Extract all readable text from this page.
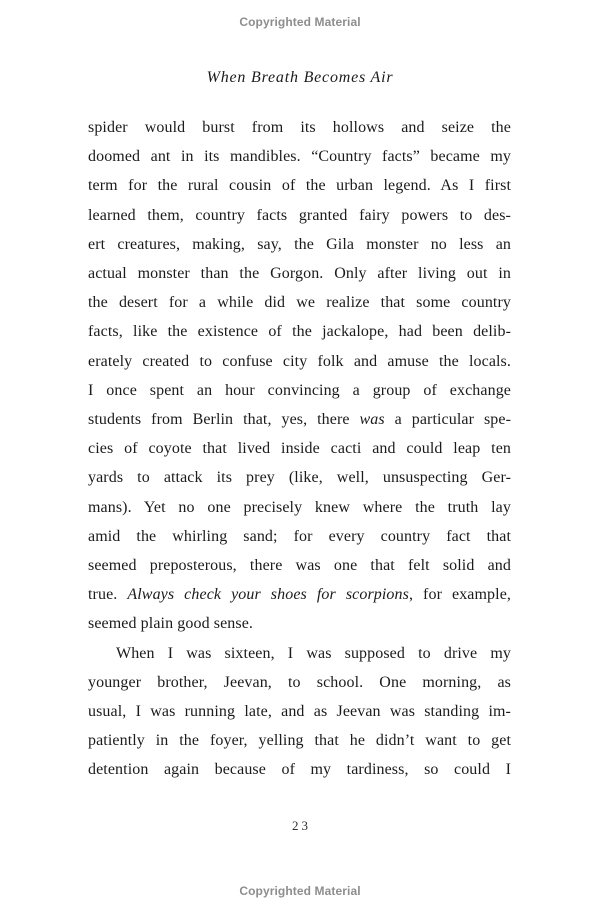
Copyrighted Material
When Breath Becomes Air
spider would burst from its hollows and seize the
doomed ant in its mandibles. “Country facts” became my
term for the rural cousin of the urban legend. As I first
learned them, country facts granted fairy powers to des-
ert creatures, making, say, the Gila monster no less an
actual monster than the Gorgon. Only after living out in
the desert for a while did we realize that some country
facts, like the existence of the jackalope, had been delib-
erately created to confuse city folk and amuse the locals.
I once spent an hour convincing a group of exchange
students from Berlin that, yes, there was a particular spe-
cies of coyote that lived inside cacti and could leap ten
yards to attack its prey (like, well, unsuspecting Ger-
mans). Yet no one precisely knew where the truth lay
amid the whirling sand; for every country fact that
seemed preposterous, there was one that felt solid and
true. Always check your shoes for scorpions, for example,
seemed plain good sense.
When I was sixteen, I was supposed to drive my
younger brother, Jeevan, to school. One morning, as
usual, I was running late, and as Jeevan was standing im-
patiently in the foyer, yelling that he didn’t want to get
detention again because of my tardiness, so could I
23
Copyrighted Material
